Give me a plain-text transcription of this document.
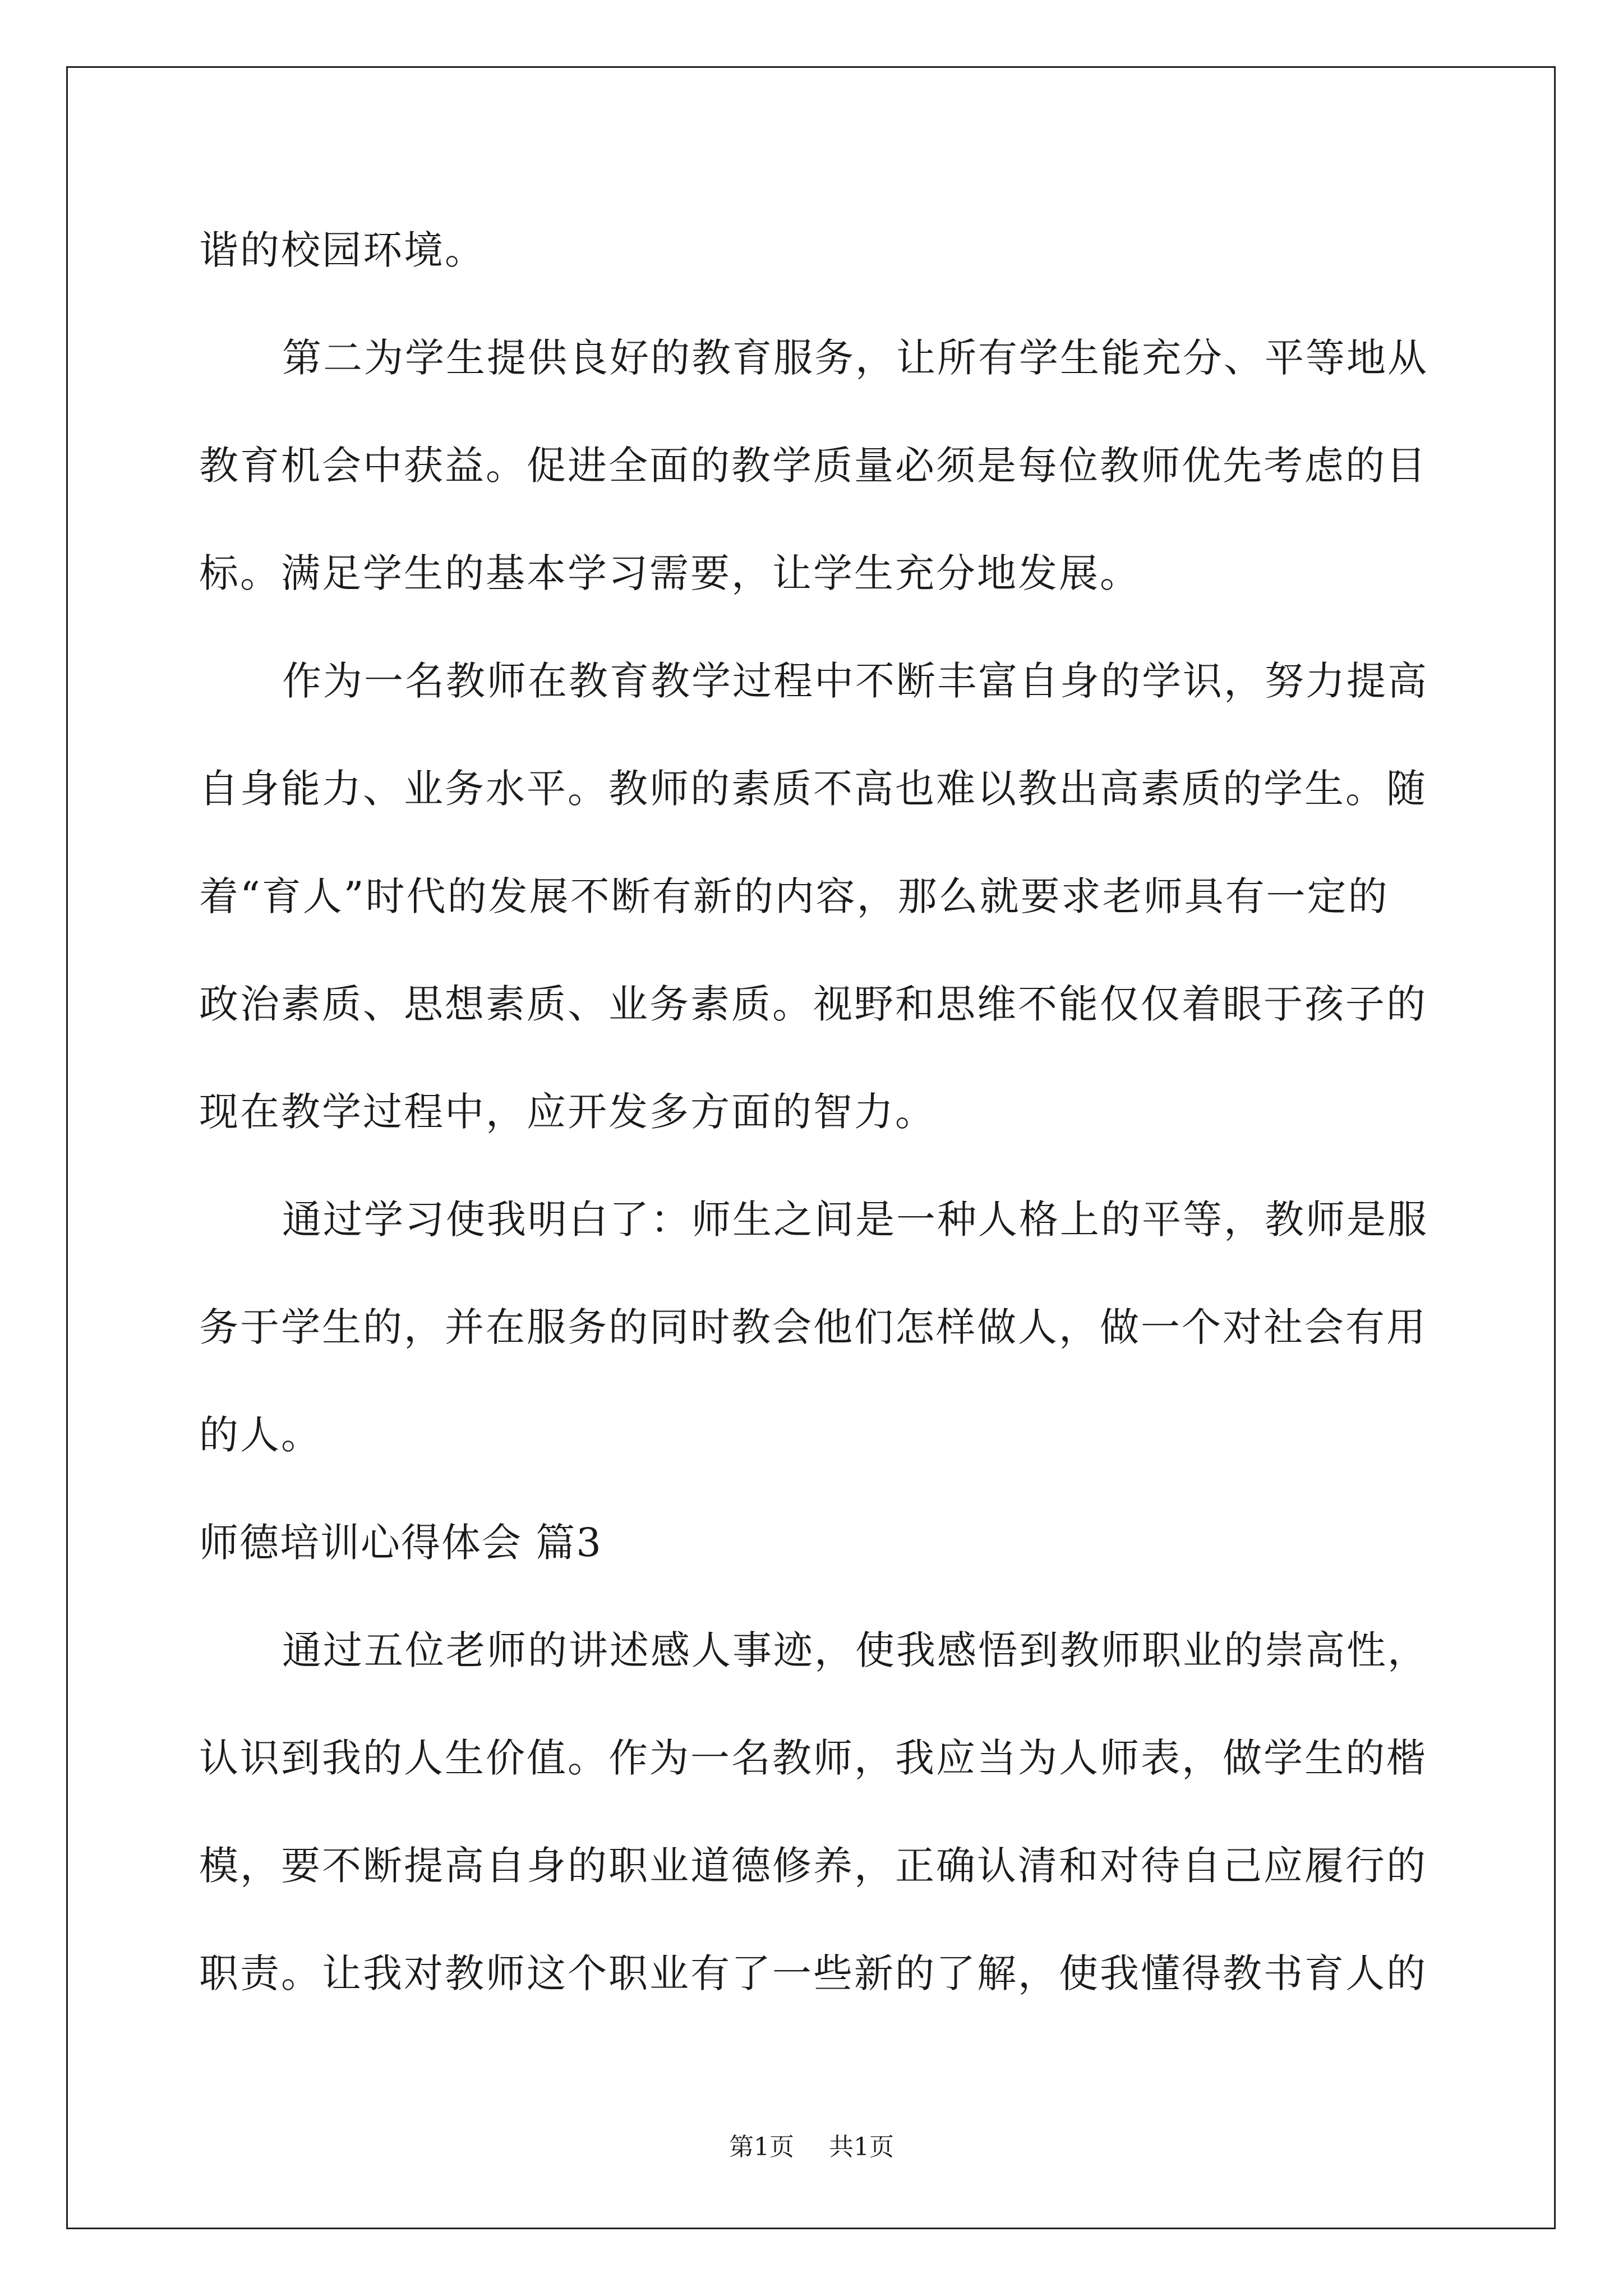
谐的校园环境。
第二为学生提供良好的教育服务，让所有学生能充分、平等地从
教育机会中获益。促进全面的教学质量必须是每位教师优先考虑的目
标。满足学生的基本学习需要，让学生充分地发展。
作为一名教师在教育教学过程中不断丰富自身的学识，努力提高
自身能力、业务水平。教师的素质不高也难以教出高素质的学生。随
着“育人”时代的发展不断有新的内容，那么就要求老师具有一定的
政治素质、思想素质、业务素质。视野和思维不能仅仅着眼于孩子的
现在教学过程中，应开发多方面的智力。
通过学习使我明白了：师生之间是一种人格上的平等，教师是服
务于学生的，并在服务的同时教会他们怎样做人，做一个对社会有用
的人。
师德培训心得体会 篇3
通过五位老师的讲述感人事迹，使我感悟到教师职业的崇高性，
认识到我的人生价值。作为一名教师，我应当为人师表，做学生的楷
模，要不断提高自身的职业道德修养，正确认清和对待自己应履行的
职责。让我对教师这个职业有了一些新的了解，使我懂得教书育人的
第1页 共1页
